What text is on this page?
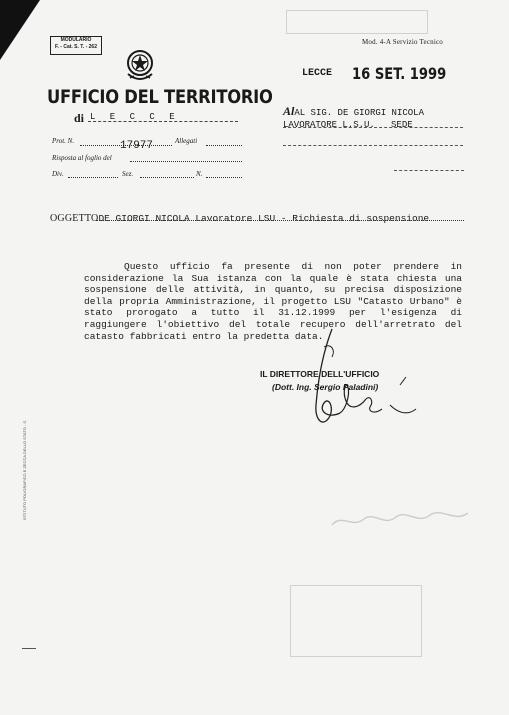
MODULARIO
F. - Cat. S. T. - 262
Mod. 4-A Servizio Tecnico
UFFICIO DEL TERRITORIO
di L E C C E
LECCE 16 SET. 1999
AlAL SIG. DE GIORGI NICOLA
LAVORATORE L.S.U.   SEDE
Prot. N.	Allegati
17977
Risposta al foglio del
Div.	Sez.	N.
OGGETTODE GIORGI NICOLA Lavoratore LSU - Richiesta di sospensione
Questo ufficio fa presente di non poter prendere in considerazione la Sua istanza con la quale è stata chiesta una sospensione delle attività, in quanto, su precisa disposizione della propria Amministrazione, il progetto LSU "Catasto Urbano" è stato prorogato a tutto il 31.12.1999 per l'esigenza di raggiungere l'obiettivo del totale recupero dell'arretrato del catasto fabbricati entro la predetta data.
IL DIRETTORE DELL'UFFICIO
(Dott. Ing. Sergio Paladini)
ISTITUTO POLIGRAFICO E ZECCA DELLO STATO - S.
